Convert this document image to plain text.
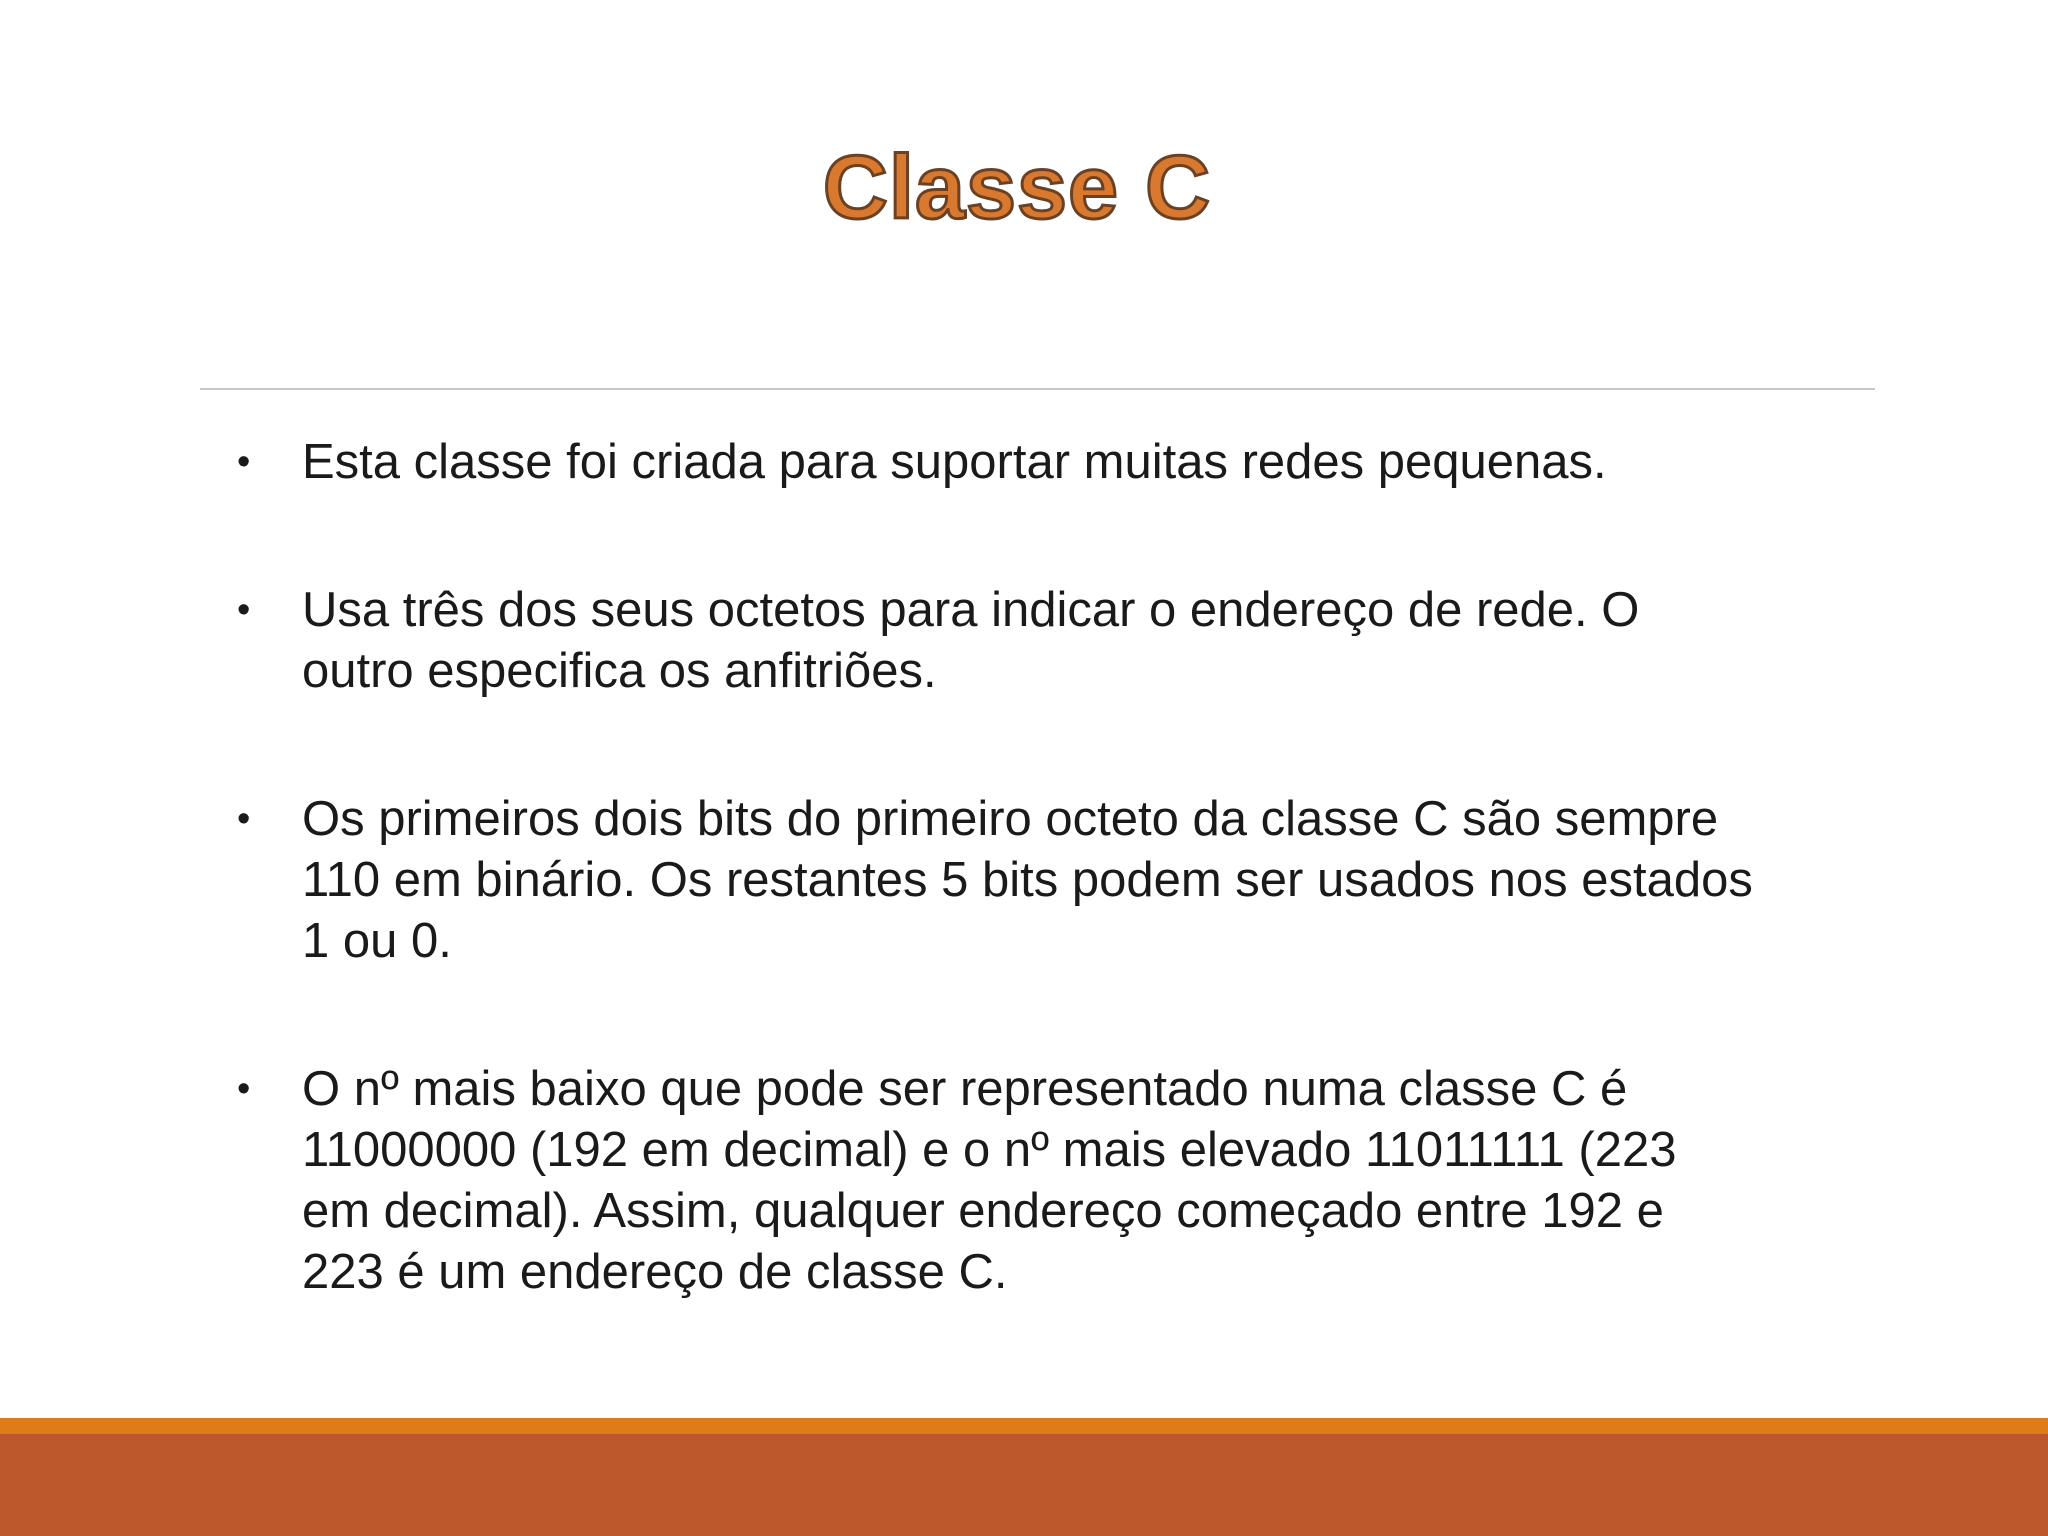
Classe C
• Esta classe foi criada para suportar muitas redes pequenas.
• Usa três dos seus octetos para indicar o endereço de rede. O outro especifica os anfitriões.
• Os primeiros dois bits do primeiro octeto da classe C são sempre 110 em binário. Os restantes 5 bits podem ser usados nos estados 1 ou 0.
• O nº mais baixo que pode ser representado numa classe C é 11000000 (192 em decimal) e o nº mais elevado 11011111 (223 em decimal). Assim, qualquer endereço começado entre 192 e 223 é um endereço de classe C.
